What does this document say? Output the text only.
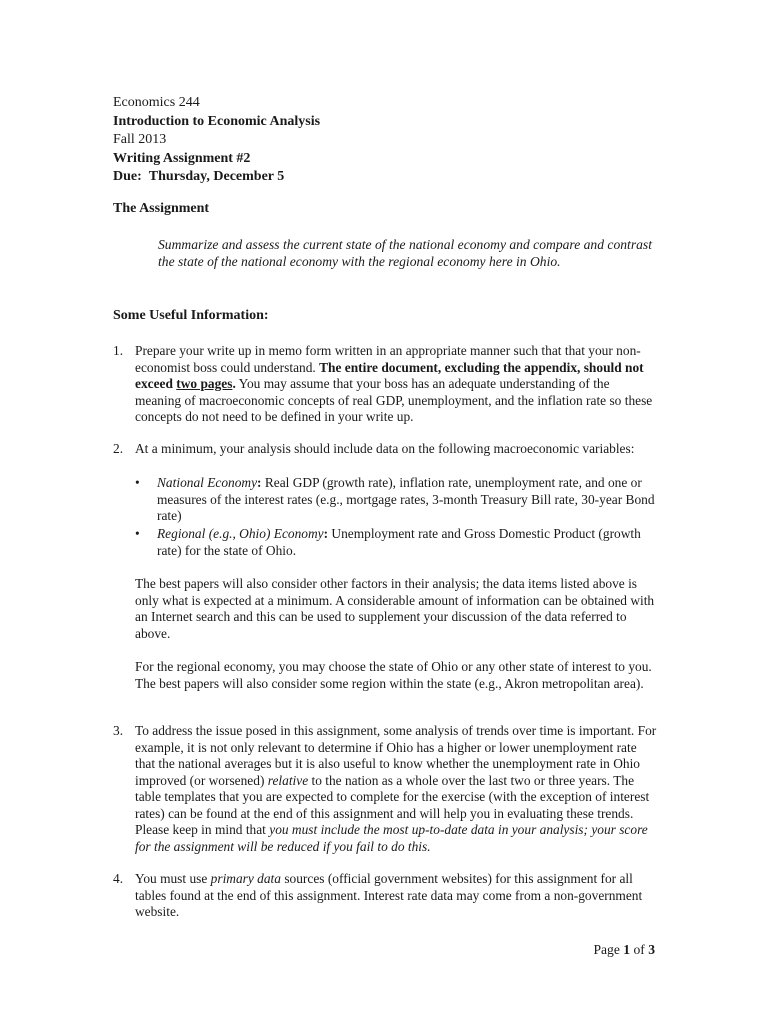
Economics 244
Introduction to Economic Analysis
Fall 2013
Writing Assignment #2
Due: Thursday, December 5
The Assignment
Summarize and assess the current state of the national economy and compare and contrast the state of the national economy with the regional economy here in Ohio.
Some Useful Information:
1. Prepare your write up in memo form written in an appropriate manner such that that your non-economist boss could understand. The entire document, excluding the appendix, should not exceed two pages. You may assume that your boss has an adequate understanding of the meaning of macroeconomic concepts of real GDP, unemployment, and the inflation rate so these concepts do not need to be defined in your write up.
2. At a minimum, your analysis should include data on the following macroeconomic variables:
• National Economy: Real GDP (growth rate), inflation rate, unemployment rate, and one or measures of the interest rates (e.g., mortgage rates, 3-month Treasury Bill rate, 30-year Bond rate)
• Regional (e.g., Ohio) Economy: Unemployment rate and Gross Domestic Product (growth rate) for the state of Ohio.
The best papers will also consider other factors in their analysis; the data items listed above is only what is expected at a minimum. A considerable amount of information can be obtained with an Internet search and this can be used to supplement your discussion of the data referred to above.
For the regional economy, you may choose the state of Ohio or any other state of interest to you. The best papers will also consider some region within the state (e.g., Akron metropolitan area).
3. To address the issue posed in this assignment, some analysis of trends over time is important. For example, it is not only relevant to determine if Ohio has a higher or lower unemployment rate that the national averages but it is also useful to know whether the unemployment rate in Ohio improved (or worsened) relative to the nation as a whole over the last two or three years. The table templates that you are expected to complete for the exercise (with the exception of interest rates) can be found at the end of this assignment and will help you in evaluating these trends. Please keep in mind that you must include the most up-to-date data in your analysis; your score for the assignment will be reduced if you fail to do this.
4. You must use primary data sources (official government websites) for this assignment for all tables found at the end of this assignment. Interest rate data may come from a non-government website.
Page 1 of 3
